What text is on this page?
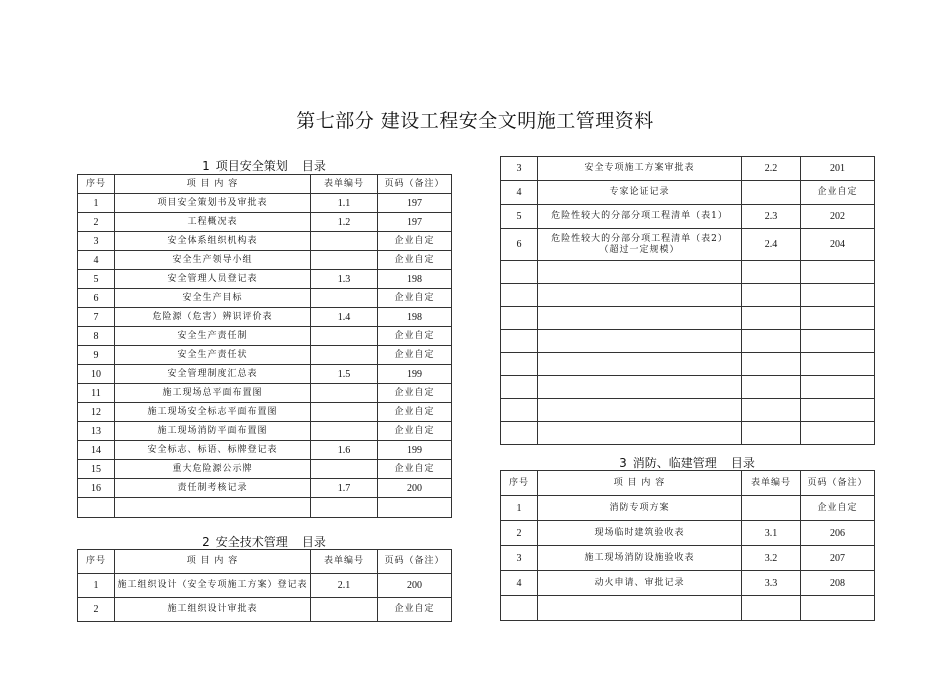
第七部分 建设工程安全文明施工管理资料
1 项目安全策划 目录
序号	项 目 内 容	表单编号	页码（备注）
1	项目安全策划书及审批表	1.1	197
2	工程概况表	1.2	197
3	安全体系组织机构表		企业自定
4	安全生产领导小组		企业自定
5	安全管理人员登记表	1.3	198
6	安全生产目标		企业自定
7	危险源（危害）辨识评价表	1.4	198
8	安全生产责任制		企业自定
9	安全生产责任状		企业自定
10	安全管理制度汇总表	1.5	199
11	施工现场总平面布置图		企业自定
12	施工现场安全标志平面布置图		企业自定
13	施工现场消防平面布置图		企业自定
14	安全标志、标语、标牌登记表	1.6	199
15	重大危险源公示牌		企业自定
16	责任制考核记录	1.7	200

2 安全技术管理 目录
序号	项 目 内 容	表单编号	页码（备注）
1	施工组织设计（安全专项施工方案）登记表	2.1	200
2	施工组织设计审批表		企业自定
3	安全专项施工方案审批表	2.2	201
4	专家论证记录		企业自定
5	危险性较大的分部分项工程清单（表1）	2.3	202
6	危险性较大的分部分项工程清单（表2）
（超过一定规模）	2.4	204

3 消防、临建管理 目录
序号	项 目 内 容	表单编号	页码（备注）
1	消防专项方案		企业自定
2	现场临时建筑验收表	3.1	206
3	施工现场消防设施验收表	3.2	207
4	动火申请、审批记录	3.3	208
